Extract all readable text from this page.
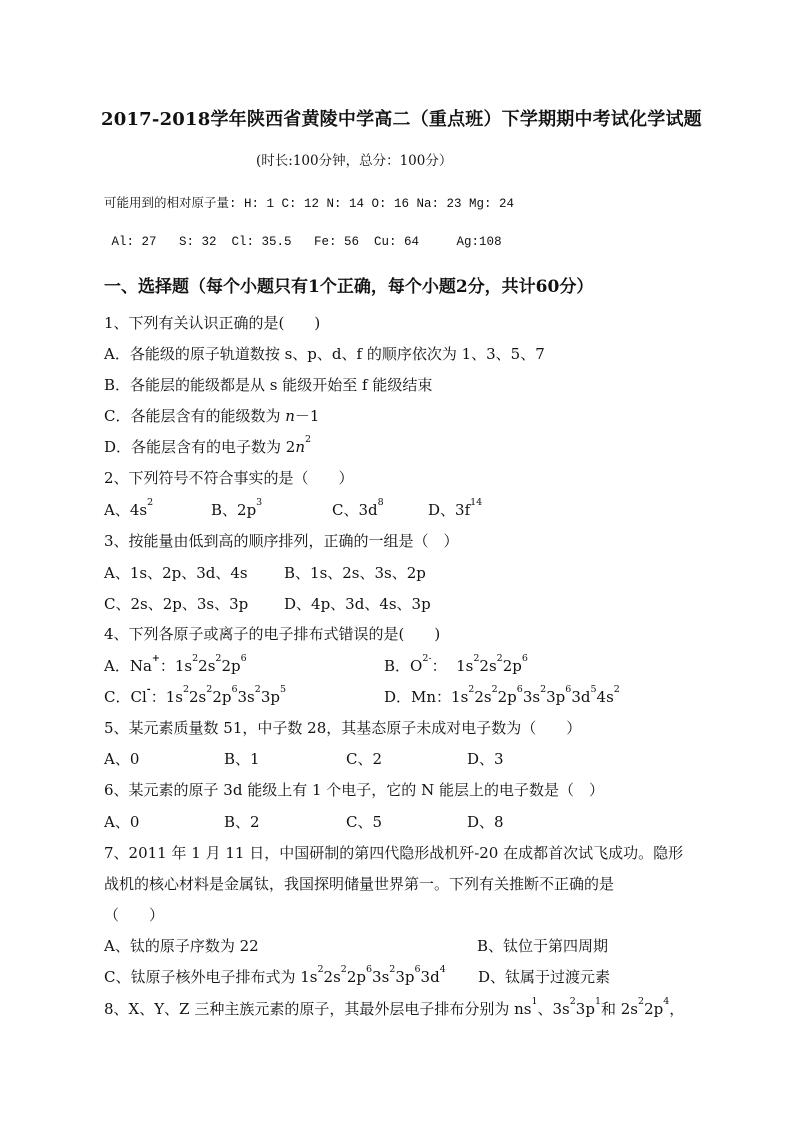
2017-2018学年陕西省黄陵中学高二（重点班）下学期期中考试化学试题
(时长:100分钟，总分：100分）
可能用到的相对原子量: H: 1 C: 12 N: 14 O: 16 Na: 23 Mg: 24
Al: 27   S: 32  Cl: 35.5   Fe: 56  Cu: 64     Ag:108
一、选择题（每个小题只有1个正确，每个小题2分，共计60分）
1、下列有关认识正确的是(　　)
A．各能级的原子轨道数按 s、p、d、f 的顺序依次为 1、3、5、7
B．各能层的能级都是从 s 能级开始至 f 能级结束
C．各能层含有的能级数为 n－1
D．各能层含有的电子数为 $2n^2$
2、下列符号不符合事实的是（　　）
A、$4s^2$	B、$2p^3$	C、$3d^8$	D、$3f^{14}$
3、按能量由低到高的顺序排列，正确的一组是（　）
A、1s、2p、3d、4s B、1s、2s、3s、2p
C、2s、2p、3s、3p D、4p、3d、4s、3p
4、下列各原子或离子的电子排布式错误的是(　　)
A．Na+：$1s^22s^22p^6$	B．$O^{2-}$：  $1s^22s^22p^6$
C．Cl-：$1s^22s^22p^63s^23p^5$	D．Mn：$1s^22s^22p^63s^23p^63d^54s^2$
5、某元素质量数 51，中子数 28，其基态原子未成对电子数为（　　）
A、0	B、1	C、2	D、3
6、某元素的原子 3d 能级上有 1 个电子，它的 N 能层上的电子数是（　）
A、0	B、2	C、5	D、8
7、2011 年 1 月 11 日，中国研制的第四代隐形战机歼-20 在成都首次试飞成功。隐形
战机的核心材料是金属钛，我国探明储量世界第一。下列有关推断不正确的是
（　　）
A、钛的原子序数为 22	B、钛位于第四周期
C、钛原子核外电子排布式为 $1s^22s^22p^63s^23p^63d^4$ D、钛属于过渡元素
8、X、Y、Z 三种主族元素的原子，其最外层电子排布分别为 $ns^1$、$3s^23p^1$和 $2s^22p^4$，
